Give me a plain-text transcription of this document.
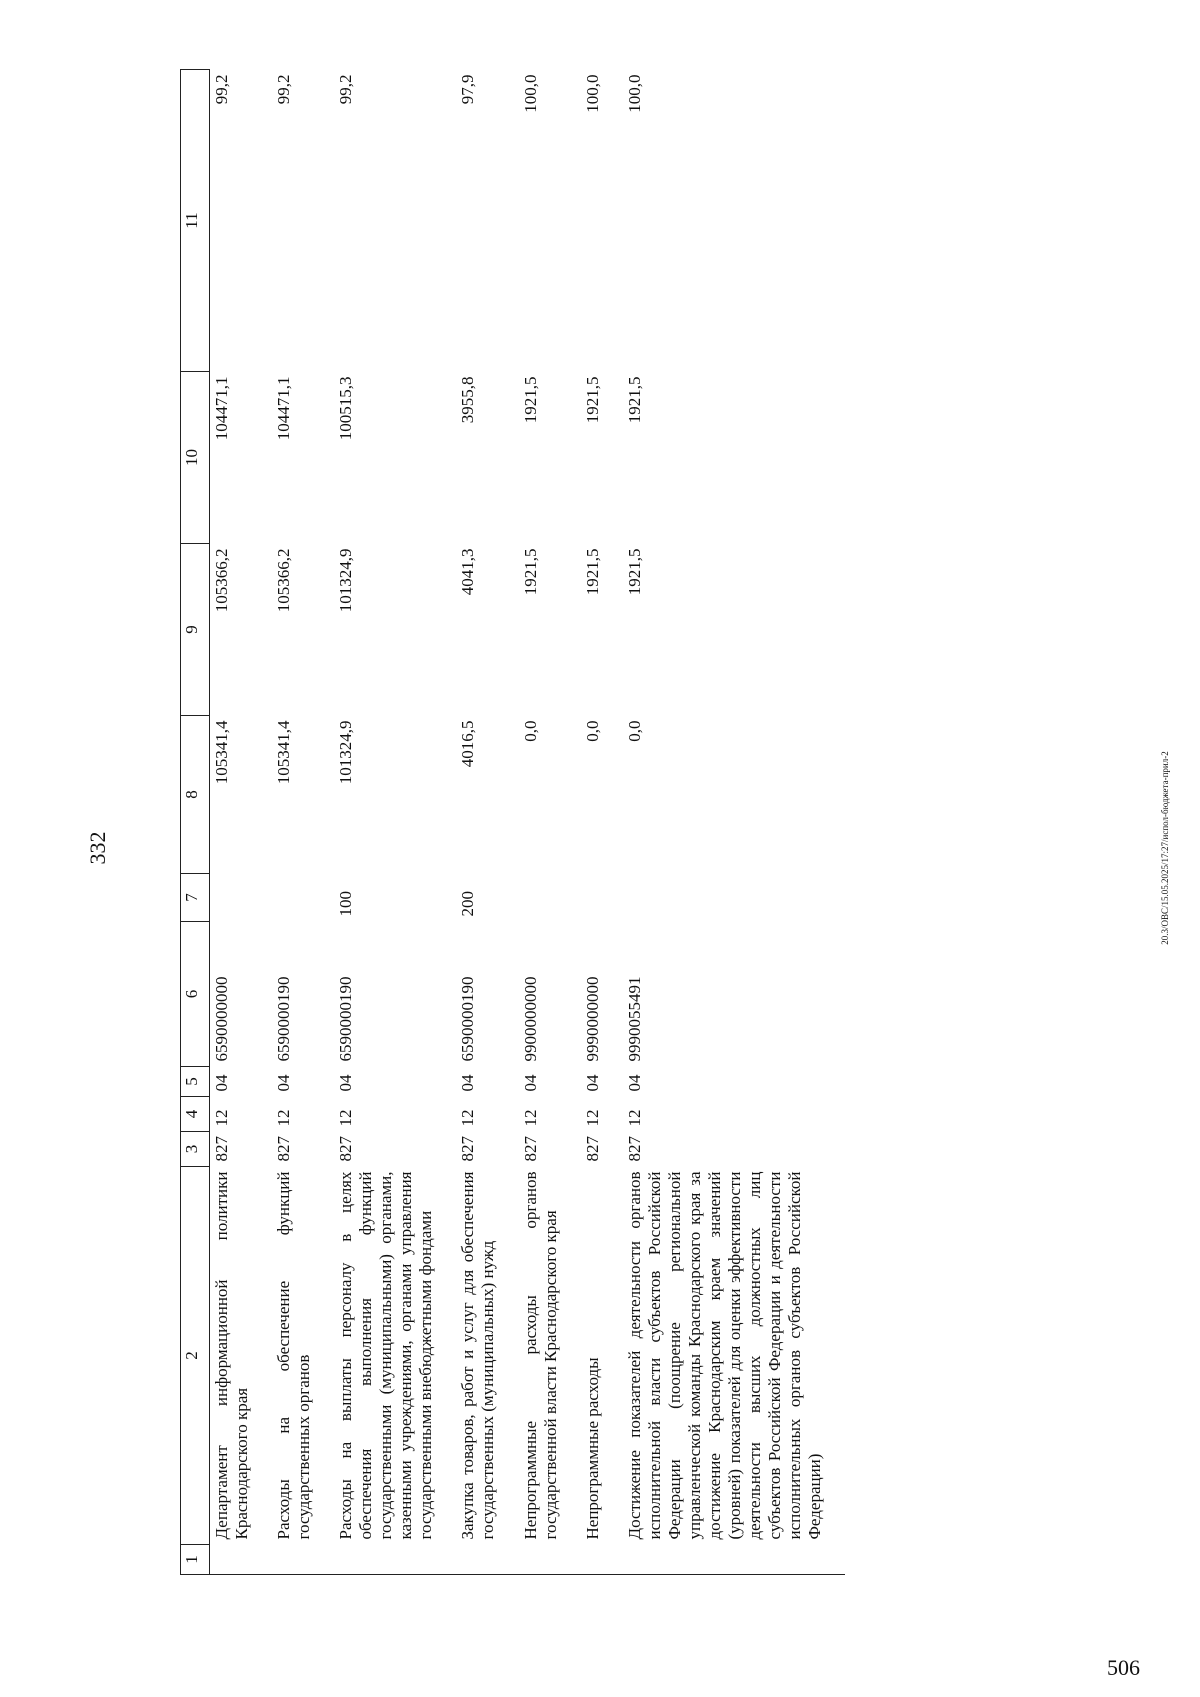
332
1	2	3	4	5	6	7	8	9	10	11
	Департамент информационной политики Краснодарского края	827	12	04	6590000000		105341,4	105366,2	104471,1	99,2
	Расходы на обеспечение функций государственных органов	827	12	04	6590000190		105341,4	105366,2	104471,1	99,2
	Расходы на выплаты персоналу в целях обеспечения выполнения функций государственными (муниципальными) органами, казенными учреждениями, органами управления государственными внебюджетными фондами	827	12	04	6590000190	100	101324,9	101324,9	100515,3	99,2
	Закупка товаров, работ и услуг для обеспечения государственных (муниципальных) нужд	827	12	04	6590000190	200	4016,5	4041,3	3955,8	97,9
	Непрограммные расходы органов государственной власти Краснодарского края	827	12	04	9900000000		0,0	1921,5	1921,5	100,0
	Непрограммные расходы	827	12	04	9990000000		0,0	1921,5	1921,5	100,0
	Достижение показателей деятельности органов исполнительной власти субъектов Российской Федерации (поощрение региональной управленческой команды Краснодарского края за достижение Краснодарским краем значений (уровней) показателей для оценки эффективности деятельности высших должностных лиц субъектов Российской Федерации и деятельности исполнительных органов субъектов Российской Федерации)	827	12	04	9990055491		0,0	1921,5	1921,5	100,0
20.3/ОВС/15.05.2025/17:27/испол-бюджета-прил-2
506
